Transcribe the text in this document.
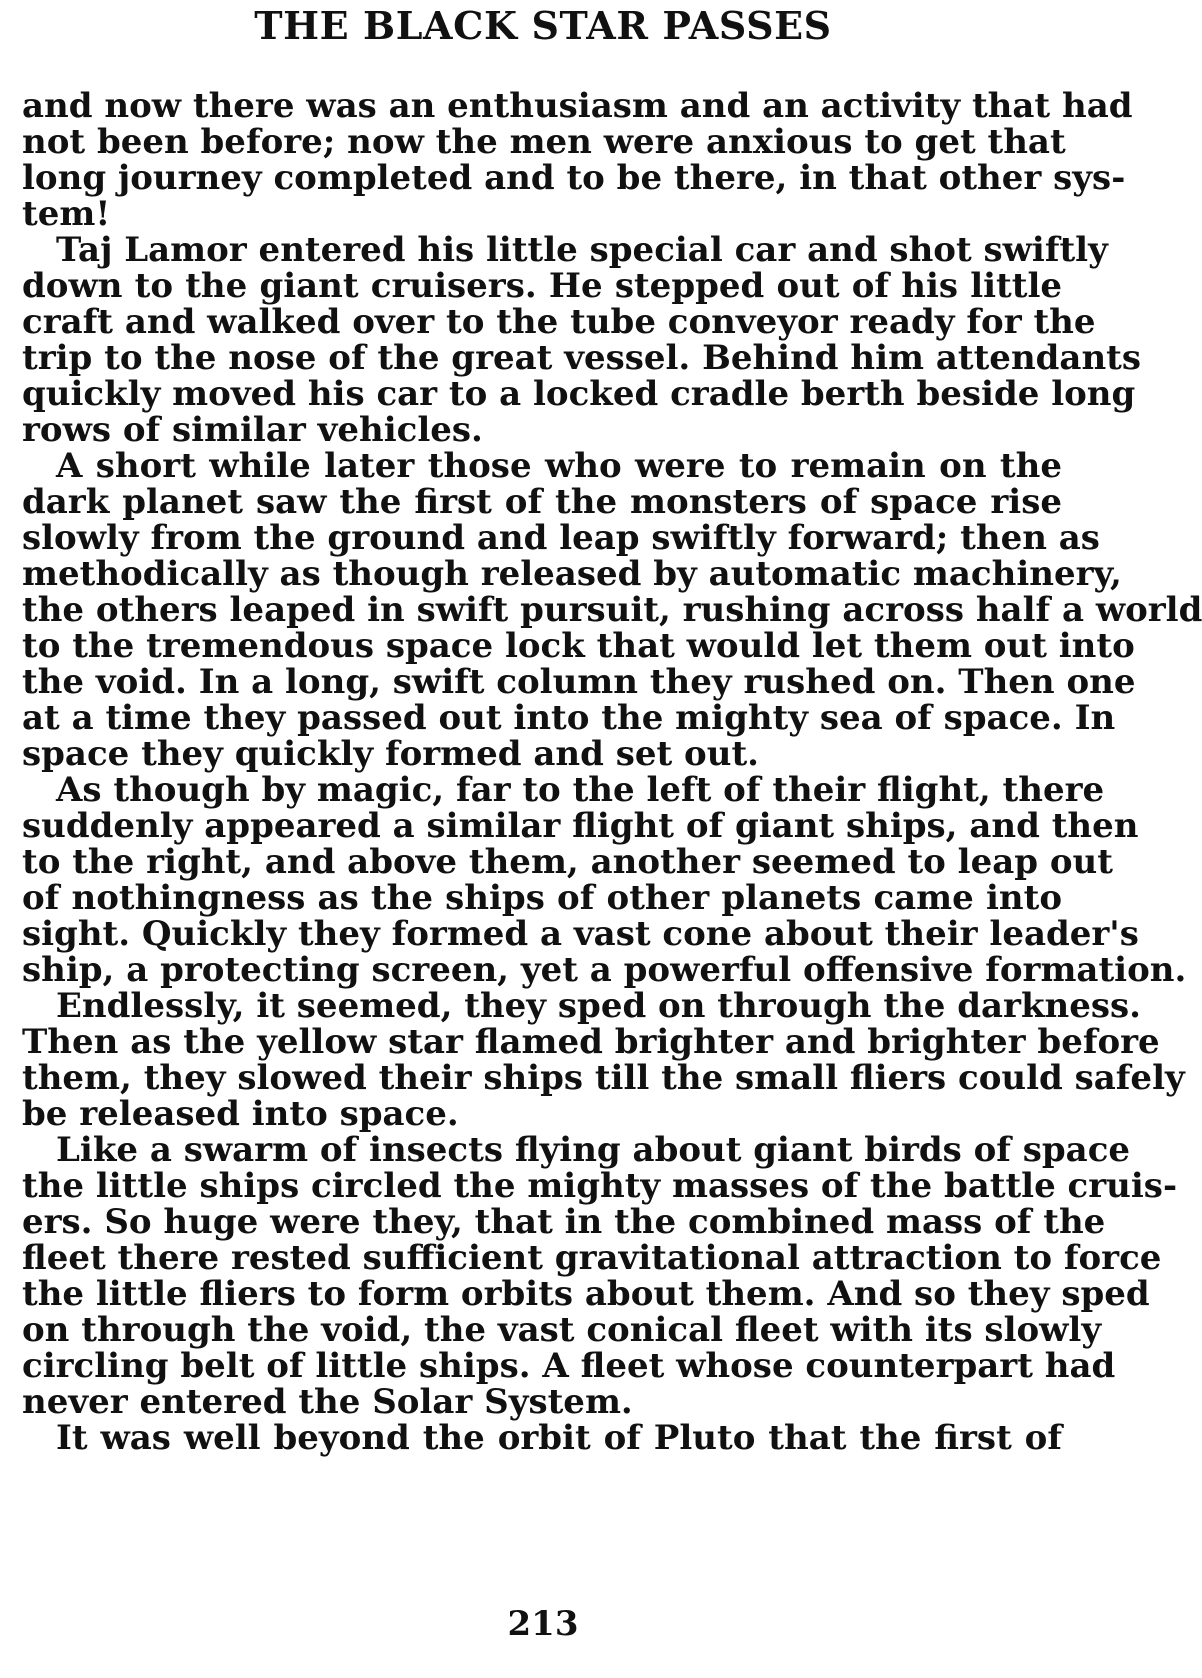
THE BLACK STAR PASSES
and now there was an enthusiasm and an activity that had
not been before; now the men were anxious to get that
long journey completed and to be there, in that other sys-
tem!
Taj Lamor entered his little special car and shot swiftly
down to the giant cruisers. He stepped out of his little
craft and walked over to the tube conveyor ready for the
trip to the nose of the great vessel. Behind him attendants
quickly moved his car to a locked cradle berth beside long
rows of similar vehicles.
A short while later those who were to remain on the
dark planet saw the first of the monsters of space rise
slowly from the ground and leap swiftly forward; then as
methodically as though released by automatic machinery,
the others leaped in swift pursuit, rushing across half a world
to the tremendous space lock that would let them out into
the void. In a long, swift column they rushed on. Then one
at a time they passed out into the mighty sea of space. In
space they quickly formed and set out.
As though by magic, far to the left of their flight, there
suddenly appeared a similar flight of giant ships, and then
to the right, and above them, another seemed to leap out
of nothingness as the ships of other planets came into
sight. Quickly they formed a vast cone about their leader's
ship, a protecting screen, yet a powerful offensive formation.
Endlessly, it seemed, they sped on through the darkness.
Then as the yellow star flamed brighter and brighter before
them, they slowed their ships till the small fliers could safely
be released into space.
Like a swarm of insects flying about giant birds of space
the little ships circled the mighty masses of the battle cruis-
ers. So huge were they, that in the combined mass of the
fleet there rested sufficient gravitational attraction to force
the little fliers to form orbits about them. And so they sped
on through the void, the vast conical fleet with its slowly
circling belt of little ships. A fleet whose counterpart had
never entered the Solar System.
It was well beyond the orbit of Pluto that the first of
213
